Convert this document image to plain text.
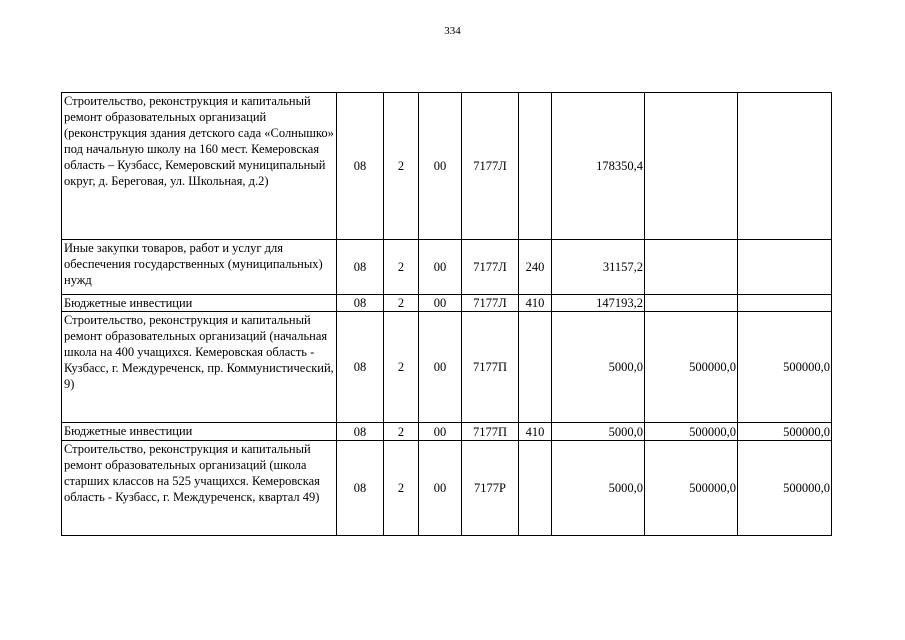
334
Строительство, реконструкция и капитальный ремонт образовательных организаций (реконструкция здания детского сада «Солнышко» под начальную школу на 160 мест. Кемеровская область – Кузбасс, Кемеровский муниципальный округ, д. Береговая, ул. Школьная, д.2)	08	2	00	7177Л		178350,4		
Иные закупки товаров, работ и услуг для обеспечения государственных (муниципальных) нужд	08	2	00	7177Л	240	31157,2		
Бюджетные инвестиции	08	2	00	7177Л	410	147193,2		
Строительство, реконструкция и капитальный ремонт образовательных организаций (начальная школа на 400 учащихся. Кемеровская область - Кузбасс, г. Междуреченск, пр. Коммунистический, 9)	08	2	00	7177П		5000,0	500000,0	500000,0
Бюджетные инвестиции	08	2	00	7177П	410	5000,0	500000,0	500000,0
Строительство, реконструкция и капитальный ремонт образовательных организаций (школа старших классов на 525 учащихся. Кемеровская область - Кузбасс, г. Междуреченск, квартал 49)	08	2	00	7177Р		5000,0	500000,0	500000,0
